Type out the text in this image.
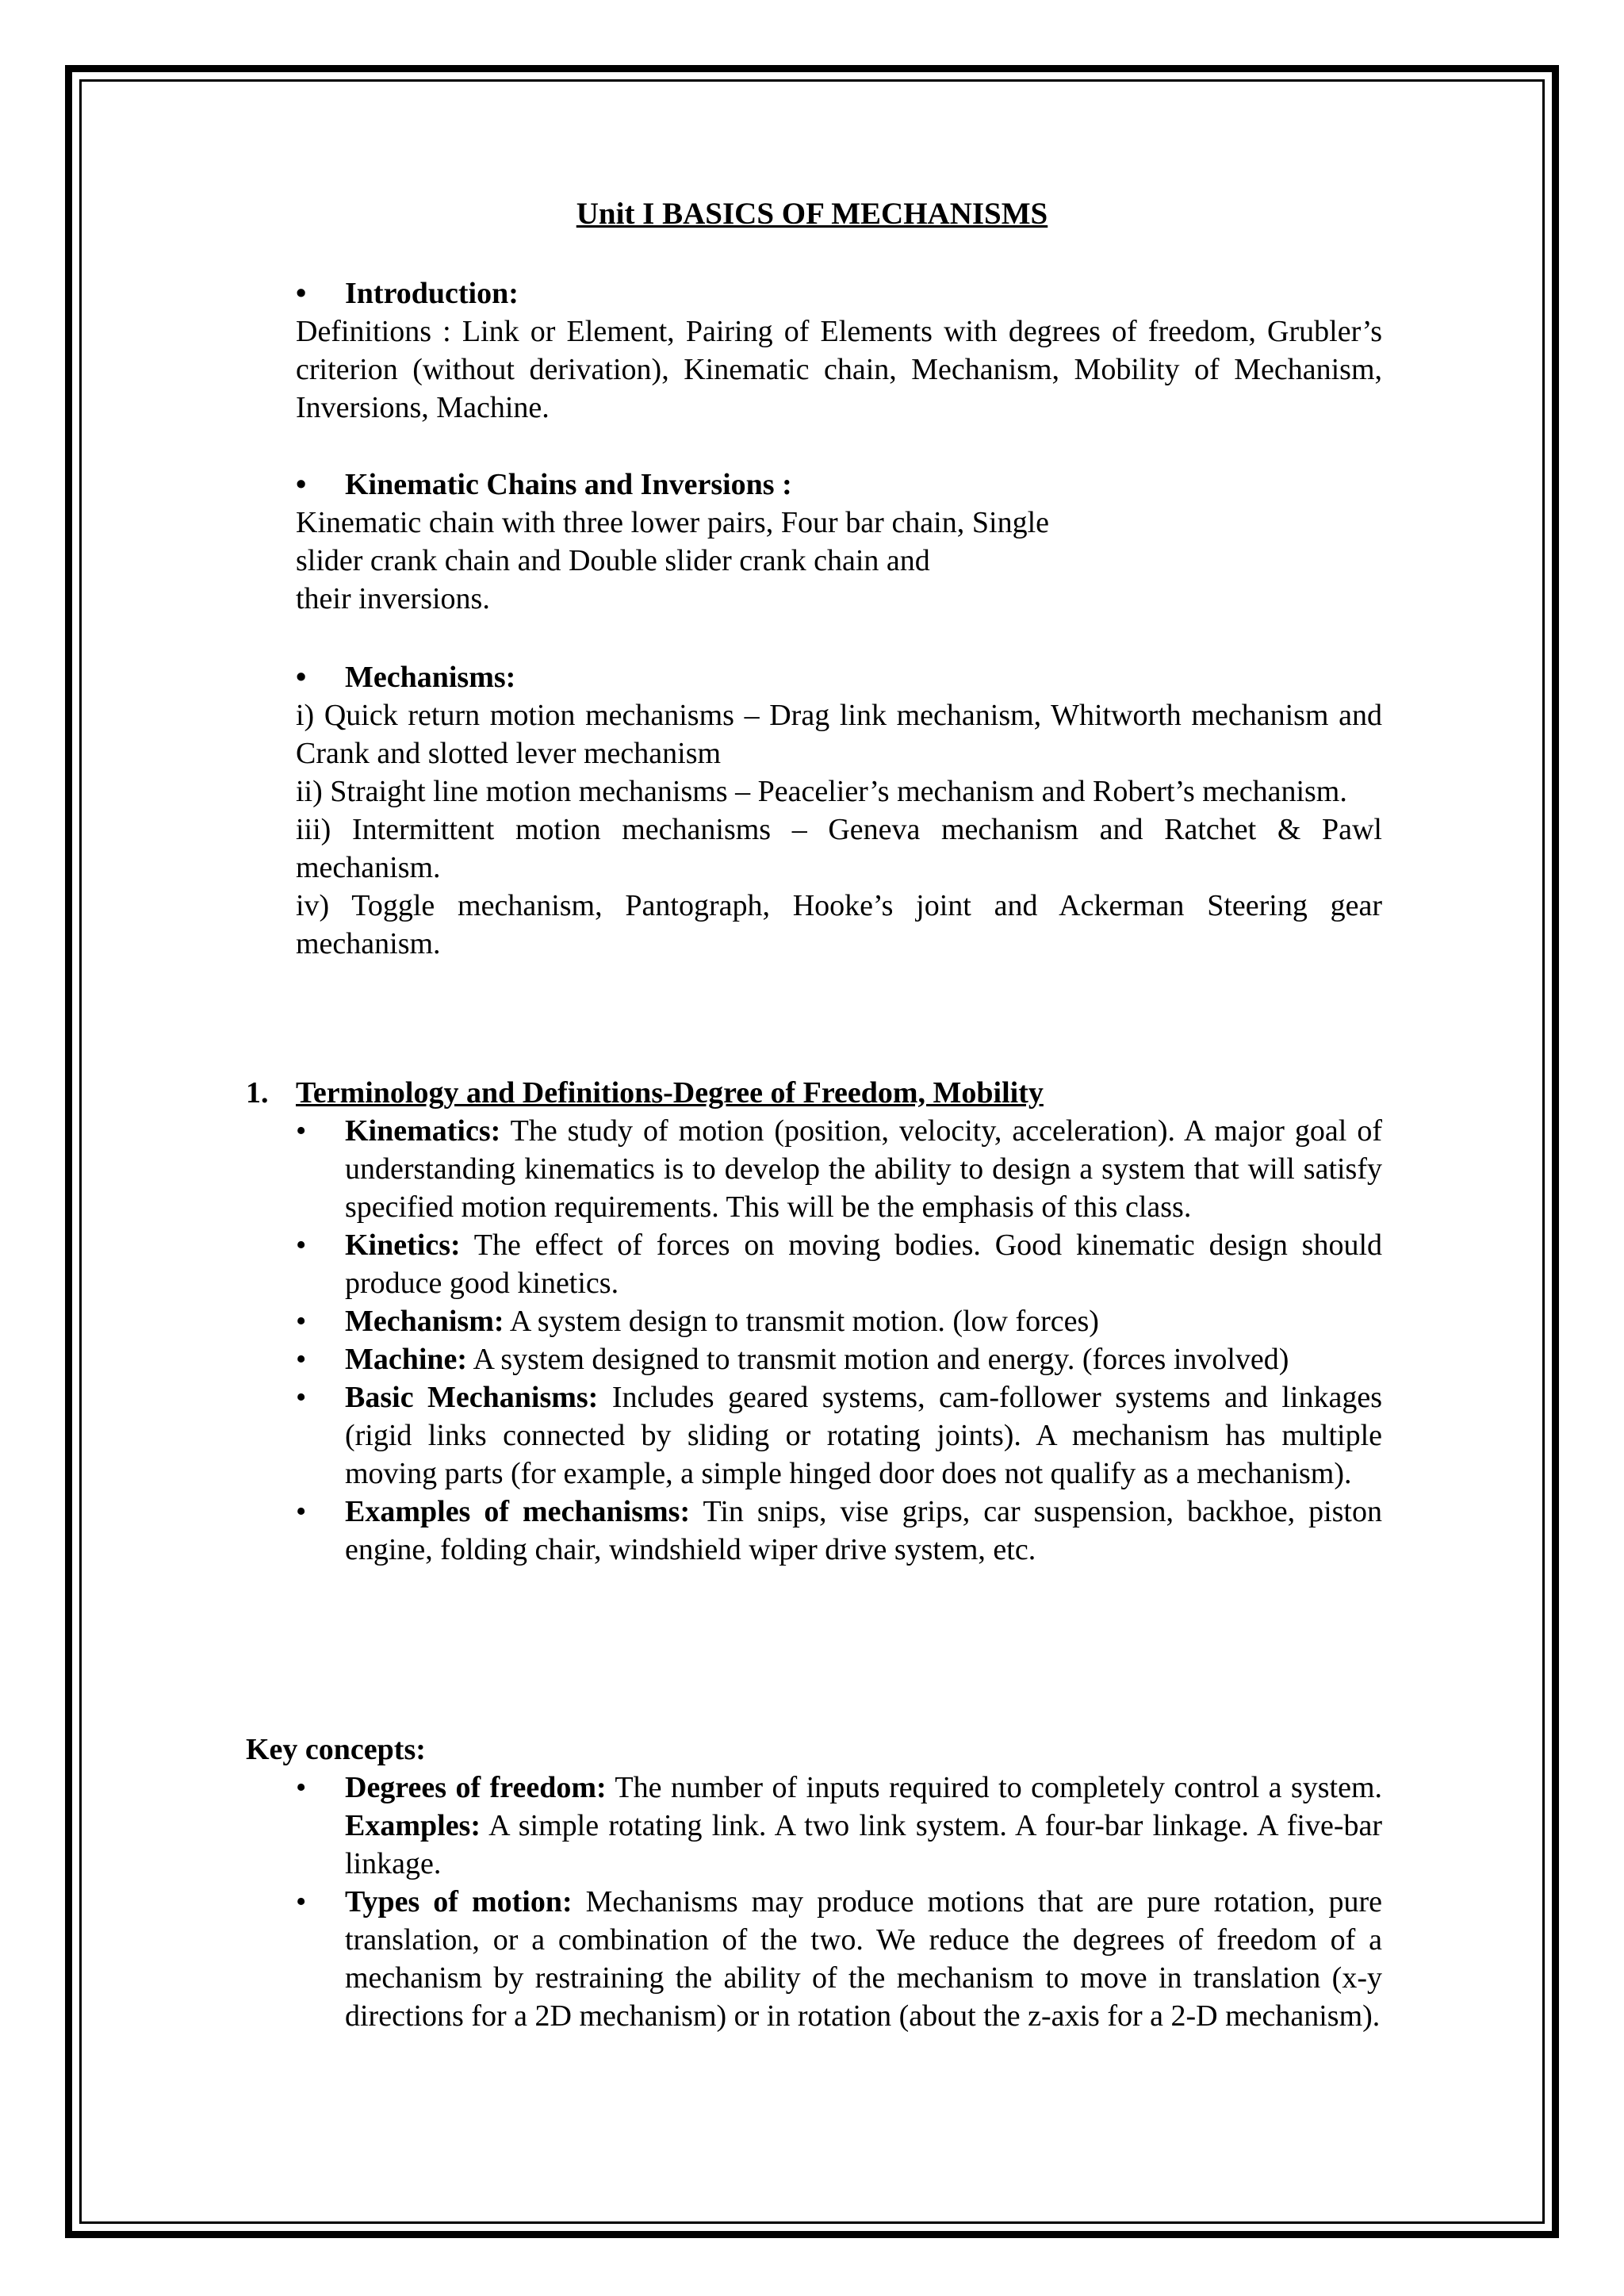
Unit I BASICS OF MECHANISMS
• Introduction:

Definitions : Link or Element, Pairing of Elements with degrees of freedom, Grubler’s criterion (without derivation), Kinematic chain, Mechanism, Mobility of Mechanism, Inversions, Machine.

• Kinematic Chains and Inversions :

Kinematic chain with three lower pairs, Four bar chain, Single slider crank chain and Double slider crank chain and

their inversions.

• Mechanisms:

i) Quick return motion mechanisms – Drag link mechanism, Whitworth mechanism and Crank and slotted lever mechanism

ii) Straight line motion mechanisms – Peacelier’s mechanism and Robert’s mechanism.

iii) Intermittent motion mechanisms – Geneva mechanism and Ratchet & Pawl mechanism.

iv) Toggle mechanism, Pantograph, Hooke’s joint and Ackerman Steering gear mechanism.

1. Terminology and Definitions-Degree of Freedom, Mobility
• Kinematics: The study of motion (position, velocity, acceleration). A major goal of understanding kinematics is to develop the ability to design a system that will satisfy specified motion requirements. This will be the emphasis of this class.
• Kinetics: The effect of forces on moving bodies. Good kinematic design should produce good kinetics.
• Mechanism: A system design to transmit motion. (low forces)
• Machine: A system designed to transmit motion and energy. (forces involved)
• Basic Mechanisms: Includes geared systems, cam-follower systems and linkages (rigid links connected by sliding or rotating joints). A mechanism has multiple moving parts (for example, a simple hinged door does not qualify as a mechanism).
• Examples of mechanisms: Tin snips, vise grips, car suspension, backhoe, piston engine, folding chair, windshield wiper drive system, etc.
Key concepts:
• Degrees of freedom: The number of inputs required to completely control a system. Examples: A simple rotating link. A two link system. A four-bar linkage. A five-bar linkage.
• Types of motion: Mechanisms may produce motions that are pure rotation, pure translation, or a combination of the two. We reduce the degrees of freedom of a mechanism by restraining the ability of the mechanism to move in translation (x-y directions for a 2D mechanism) or in rotation (about the z-axis for a 2-D mechanism).
